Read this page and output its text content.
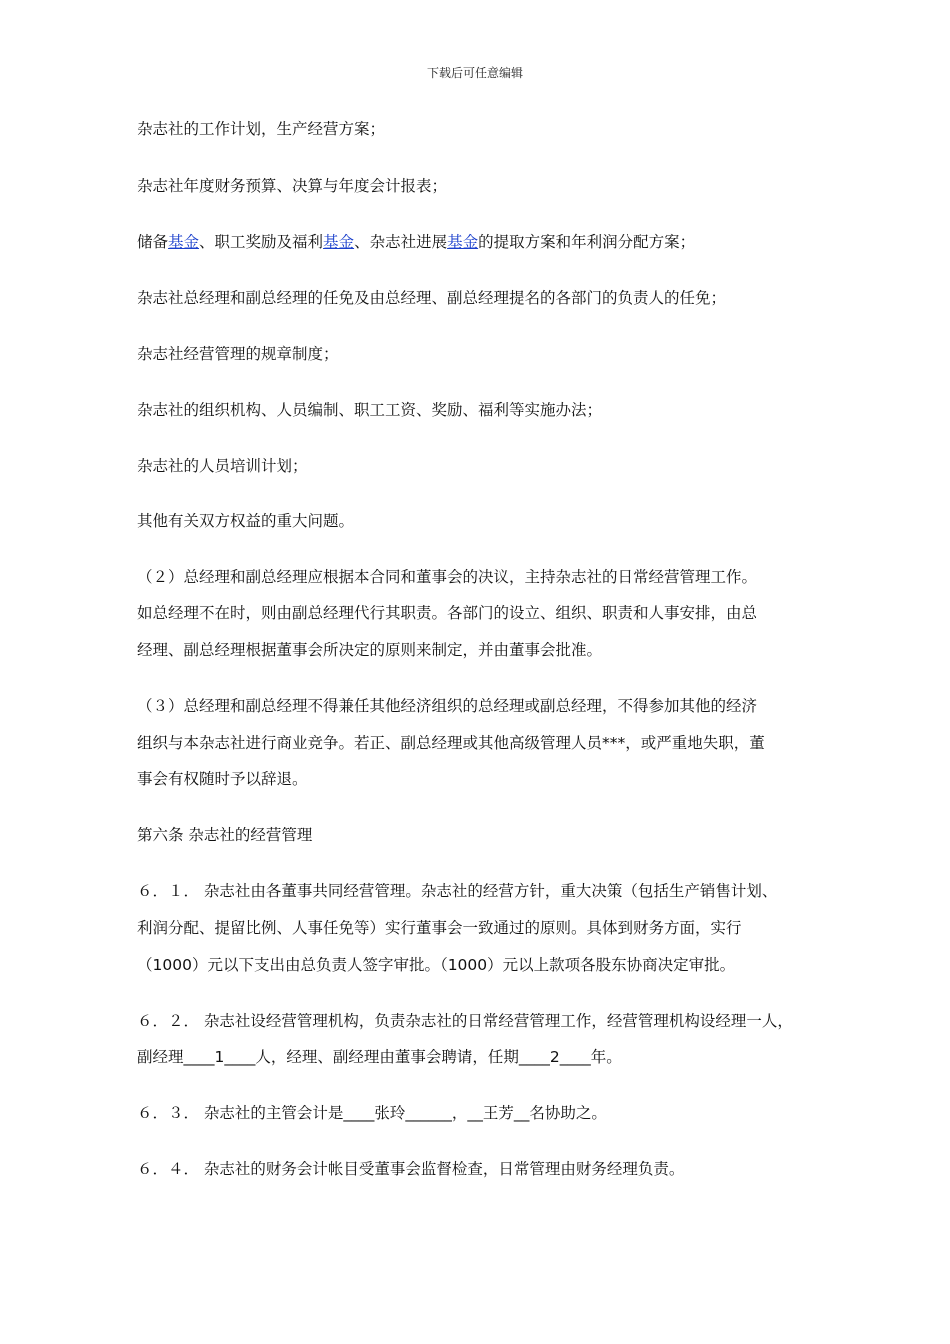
下载后可任意编辑
杂志社的工作计划，生产经营方案；
杂志社年度财务预算、决算与年度会计报表；
储备基金、职工奖励及福利基金、杂志社进展基金的提取方案和年利润分配方案；
杂志社总经理和副总经理的任免及由总经理、副总经理提名的各部门的负责人的任免；
杂志社经营管理的规章制度；
杂志社的组织机构、人员编制、职工工资、奖励、福利等实施办法；
杂志社的人员培训计划；
其他有关双方权益的重大问题。
（２）总经理和副总经理应根据本合同和董事会的决议，主持杂志社的日常经营管理工作。
如总经理不在时，则由副总经理代行其职责。各部门的设立、组织、职责和人事安排，由总
经理、副总经理根据董事会所决定的原则来制定，并由董事会批准。
（３）总经理和副总经理不得兼任其他经济组织的总经理或副总经理，不得参加其他的经济
组织与本杂志社进行商业竞争。若正、副总经理或其他高级管理人员***，或严重地失职，董
事会有权随时予以辞退。
第六条 杂志社的经营管理
６．１． 杂志社由各董事共同经营管理。杂志社的经营方针，重大决策（包括生产销售计划、
利润分配、提留比例、人事任免等）实行董事会一致通过的原则。具体到财务方面，实行
（1000）元以下支出由总负责人签字审批。（1000）元以上款项各股东协商决定审批。
６．２． 杂志社设经营管理机构，负责杂志社的日常经营管理工作，经营管理机构设经理一人，
副经理____1____人，经理、副经理由董事会聘请，任期____2____年。
６．３． 杂志社的主管会计是____张玲______，__王芳__名协助之。
６．４． 杂志社的财务会计帐目受董事会监督检查，日常管理由财务经理负责。
